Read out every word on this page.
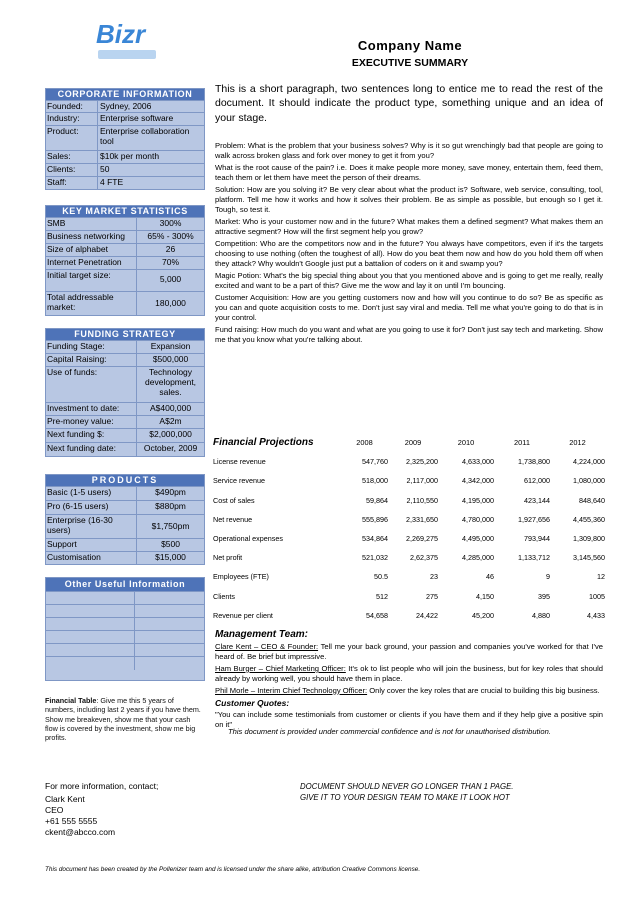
Bizr	Company Name
EXECUTIVE SUMMARY
CORPORATE INFORMATION
Founded:	Sydney, 2006
Industry:	Enterprise software
Product:	Enterprise collaboration tool
Sales:	$10k per month
Clients:	50
Staff:	4 FTE
KEY MARKET STATISTICS
SMB	300%
Business networking	65% - 300%
Size of alphabet	26
Internet Penetration	70%
Initial target size:	5,000
Total addressable market:	180,000
FUNDING STRATEGY
Funding Stage:	Expansion
Capital Raising:	$500,000
Use of funds:	Technology development, sales.
Investment to date:	A$400,000
Pre-money value:	A$2m
Next funding $:	$2,000,000
Next funding date:	October, 2009
PRODUCTS
Basic (1-5 users)	$490pm
Pro (6-15 users)	$880pm
Enterprise (16-30 users)	$1,750pm
Support	$500
Customisation	$15,000
Other Useful Information
Financial Table: Give me this 5 years of numbers, including last 2 years if you have them. Show me breakeven, show me that your cash flow is covered by the investment, show me big profits.
For more information, contact;
Clark Kent
CEO
+61 555 5555
ckent@abcco.com
DOCUMENT SHOULD NEVER GO LONGER THAN 1 PAGE.
GIVE IT TO YOUR DESIGN TEAM TO MAKE IT LOOK HOT
This document has been created by the Pollenizer team and is licensed under the share alike, attribution Creative Commons license.
This is a short paragraph, two sentences long to entice me to read the rest of the document. It should indicate the product type, something unique and an idea of your stage.

Problem: What is the problem that your business solves? Why is it so gut wrenchingly bad that people are going to walk across broken glass and fork over money to get it from you?

What is the root cause of the pain? i.e. Does it make people more money, save money, entertain them, feed them, teach them or let them have meet the person of their dreams.

Solution: How are you solving it? Be very clear about what the product is? Software, web service, consulting, tool, platform. Tell me how it works and how it solves their problem. Be as simple as possible, but enough so I get it. Tough, so test it.

Market: Who is your customer now and in the future? What makes them a defined segment? What makes them an attractive segment? How will the first segment help you grow?

Competition: Who are the competitors now and in the future? You always have competitors, even if it's the targets choosing to use nothing (often the toughest of all). How do you beat them now and how do you hold them off when they attack? Why wouldn't Google just put a battalion of coders on it and swamp you?

Magic Potion: What's the big special thing about you that you mentioned above and is going to get me really, really excited and want to be a part of this? Give me the wow and lay it on until I'm bouncing.

Customer Acquisition: How are you getting customers now and how will you continue to do so? Be as specific as you can and quote acquisition costs to me. Don't just say viral and media. Tell me what you're going to do that is in your control.

Fund raising: How much do you want and what are you going to use it for? Don't just say tech and marketing. Show me that you know what you're talking about.

Financial Projections	2008	2009	2010	2011	2012
License revenue	547,760	2,325,200	4,633,000	1,738,800	4,224,000
Service revenue	518,000	2,117,000	4,342,000	612,000	1,080,000
Cost of sales	59,864	2,110,550	4,195,000	423,144	848,640
Net revenue	555,896	2,331,650	4,780,000	1,927,656	4,455,360
Operational expenses	534,864	2,269,275	4,495,000	793,944	1,309,800
Net profit	521,032	2,62,375	4,285,000	1,133,712	3,145,560
Employees (FTE)	50.5	23	46	9	12
Clients	512	275	4,150	395	1005
Revenue per client	54,658	24,422	45,200	4,880	4,433
Management Team:

Clare Kent – CEO & Founder: Tell me your back ground, your passion and companies you've worked for that I've heard of. Be brief but impressive.

Ham Burger – Chief Marketing Officer: It's ok to list people who will join the business, but for key roles that should already by working well, you should have them in place.

Phil Morle – Interim Chief Technology Officer: Only cover the key roles that are crucial to building this big business.

Customer Quotes:

"You can include some testimonials from customer or clients if you have them and if they help give a positive spin on it"

This document is provided under commercial confidence and is not for unauthorised distribution.
